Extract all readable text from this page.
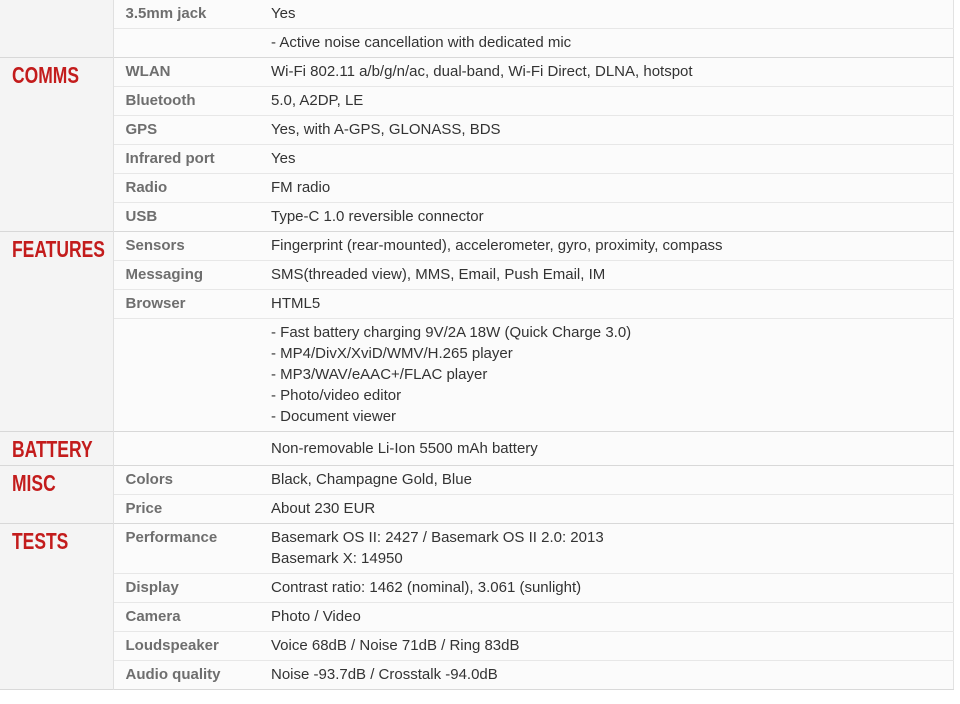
	3.5mm jack	Yes
		- Active noise cancellation with dedicated mic
COMMS	WLAN	Wi-Fi 802.11 a/b/g/n/ac, dual-band, Wi-Fi Direct, DLNA, hotspot
	Bluetooth	5.0, A2DP, LE
	GPS	Yes, with A-GPS, GLONASS, BDS
	Infrared port	Yes
	Radio	FM radio
	USB	Type-C 1.0 reversible connector
FEATURES	Sensors	Fingerprint (rear-mounted), accelerometer, gyro, proximity, compass
	Messaging	SMS(threaded view), MMS, Email, Push Email, IM
	Browser	HTML5

		- Fast battery charging 9V/2A 18W (Quick Charge 3.0)
- MP4/DivX/XviD/WMV/H.265 player
- MP3/WAV/eAAC+/FLAC player
- Photo/video editor
- Document viewer

BATTERY		Non-removable Li-Ion 5500 mAh battery
MISC	Colors	Black, Champagne Gold, Blue
	Price	About 230 EUR
TESTS	Performance	Basemark OS II: 2427 / Basemark OS II 2.0: 2013
Basemark X: 14950

	Display	Contrast ratio: 1462 (nominal), 3.061 (sunlight)
	Camera	Photo / Video
	Loudspeaker	Voice 68dB / Noise 71dB / Ring 83dB
	Audio quality	Noise -93.7dB / Crosstalk -94.0dB
